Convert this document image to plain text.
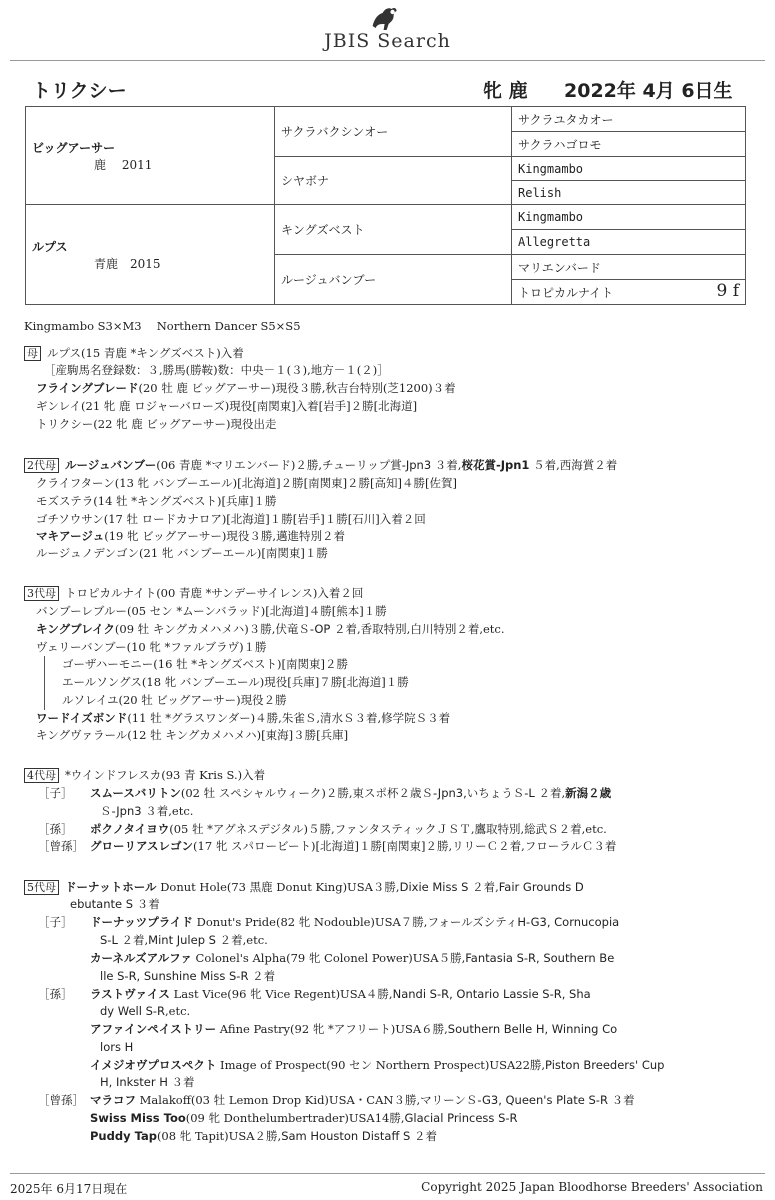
JBIS Search
トリクシー	牝 鹿 2022年 4月 6日生
ビッグアーサー
鹿　 2011	サクラバクシンオー	サクラユタカオー
		サクラハゴロモ
	シヤボナ	Kingmambo
		Relish

ルプス
青鹿　2015	キングズベスト	Kingmambo
		Allegretta
	ルージュバンブー	マリエンバード
		トロピカルナイト 9 f
Kingmambo S3×M3　 Northern Dancer S5×S5
母 ルプス(15 青鹿 *キングズベスト)入着
［産駒馬名登録数：３,勝馬(勝鞍)数：中央－１(３),地方－１(２)］
フライングブレード(20 牡 鹿 ビッグアーサー)現役３勝,秋吉台特別(芝1200)３着
ギンレイ(21 牝 鹿 ロジャーバローズ)現役[南関東]入着[岩手]２勝[北海道]
トリクシー(22 牝 鹿 ビッグアーサー)現役出走
2代母 ルージュバンブー(06 青鹿 *マリエンバード)２勝,チューリップ賞-Jpn3 ３着,桜花賞-Jpn1 ５着,西海賞２着
クライフターン(13 牝 バンブーエール)[北海道]２勝[南関東]２勝[高知]４勝[佐賀]
モズステラ(14 牡 *キングズベスト)[兵庫]１勝
ゴチソウサン(17 牡 ロードカナロア)[北海道]１勝[岩手]１勝[石川]入着２回
マキアージュ(19 牝 ビッグアーサー)現役３勝,邁進特別２着
ルージュノデンゴン(21 牝 バンブーエール)[南関東]１勝
3代母 トロピカルナイト(00 青鹿 *サンデーサイレンス)入着２回
バンブーレブルー(05 セン *ムーンバラッド)[北海道]４勝[熊本]１勝
キングブレイク(09 牡 キングカメハメハ)３勝,伏竜Ｓ-OP ２着,香取特別,白川特別２着,etc.
ヴェリーバンブー(10 牝 *ファルブラヴ)１勝
ゴーザハーモニー(16 牡 *キングズベスト)[南関東]２勝
エールソングス(18 牝 バンブーエール)現役[兵庫]７勝[北海道]１勝
ルソレイユ(20 牡 ビッグアーサー)現役２勝
ワードイズボンド(11 牡 *グラスワンダー)４勝,朱雀Ｓ,清水Ｓ３着,修学院Ｓ３着
キングヴァラール(12 牡 キングカメハメハ)[東海]３勝[兵庫]
4代母 *ウインドフレスカ(93 青 Kris S.)入着
［子］ スムースバリトン(02 牡 スペシャルウィーク)２勝,東スポ杯２歳Ｓ-Jpn3,いちょうＳ-L ２着,新潟２歳
Ｓ-Jpn3 ３着,etc.
［孫］ ポクノタイヨウ(05 牡 *アグネスデジタル)５勝,ファンタスティックＪＳＴ,鷹取特別,総武Ｓ２着,etc.
［曾孫］ グローリアスレゴン(17 牝 スパロービート)[北海道]１勝[南関東]２勝,リリーＣ２着,フローラルＣ３着
5代母 ドーナットホール Donut Hole(73 黒鹿 Donut King)USA３勝,Dixie Miss S ２着,Fair Grounds D
ebutante S ３着
［子］ ドーナッツプライド Donut's Pride(82 牝 Nodouble)USA７勝,フォールズシティH-G3, Cornucopia
S-L ２着,Mint Julep S ２着,etc.
カーネルズアルファ Colonel's Alpha(79 牝 Colonel Power)USA５勝,Fantasia S-R, Southern Be
lle S-R, Sunshine Miss S-R ２着
［孫］ ラストヴァイス Last Vice(96 牝 Vice Regent)USA４勝,Nandi S-R, Ontario Lassie S-R, Sha
dy Well S-R,etc.
アファインペイストリー Afine Pastry(92 牝 *アフリート)USA６勝,Southern Belle H, Winning Co
lors H
イメジオヴプロスペクト Image of Prospect(90 セン Northern Prospect)USA22勝,Piston Breeders' Cup
H, Inkster H ３着
［曾孫］ マラコフ Malakoff(03 牡 Lemon Drop Kid)USA・CAN３勝,マリーンＳ-G3, Queen's Plate S-R ３着
Swiss Miss Too(09 牝 Donthelumbertrader)USA14勝,Glacial Princess S-R
Puddy Tap(08 牝 Tapit)USA２勝,Sam Houston Distaff S ２着
2025年 6月17日現在	Copyright 2025 Japan Bloodhorse Breeders' Association
